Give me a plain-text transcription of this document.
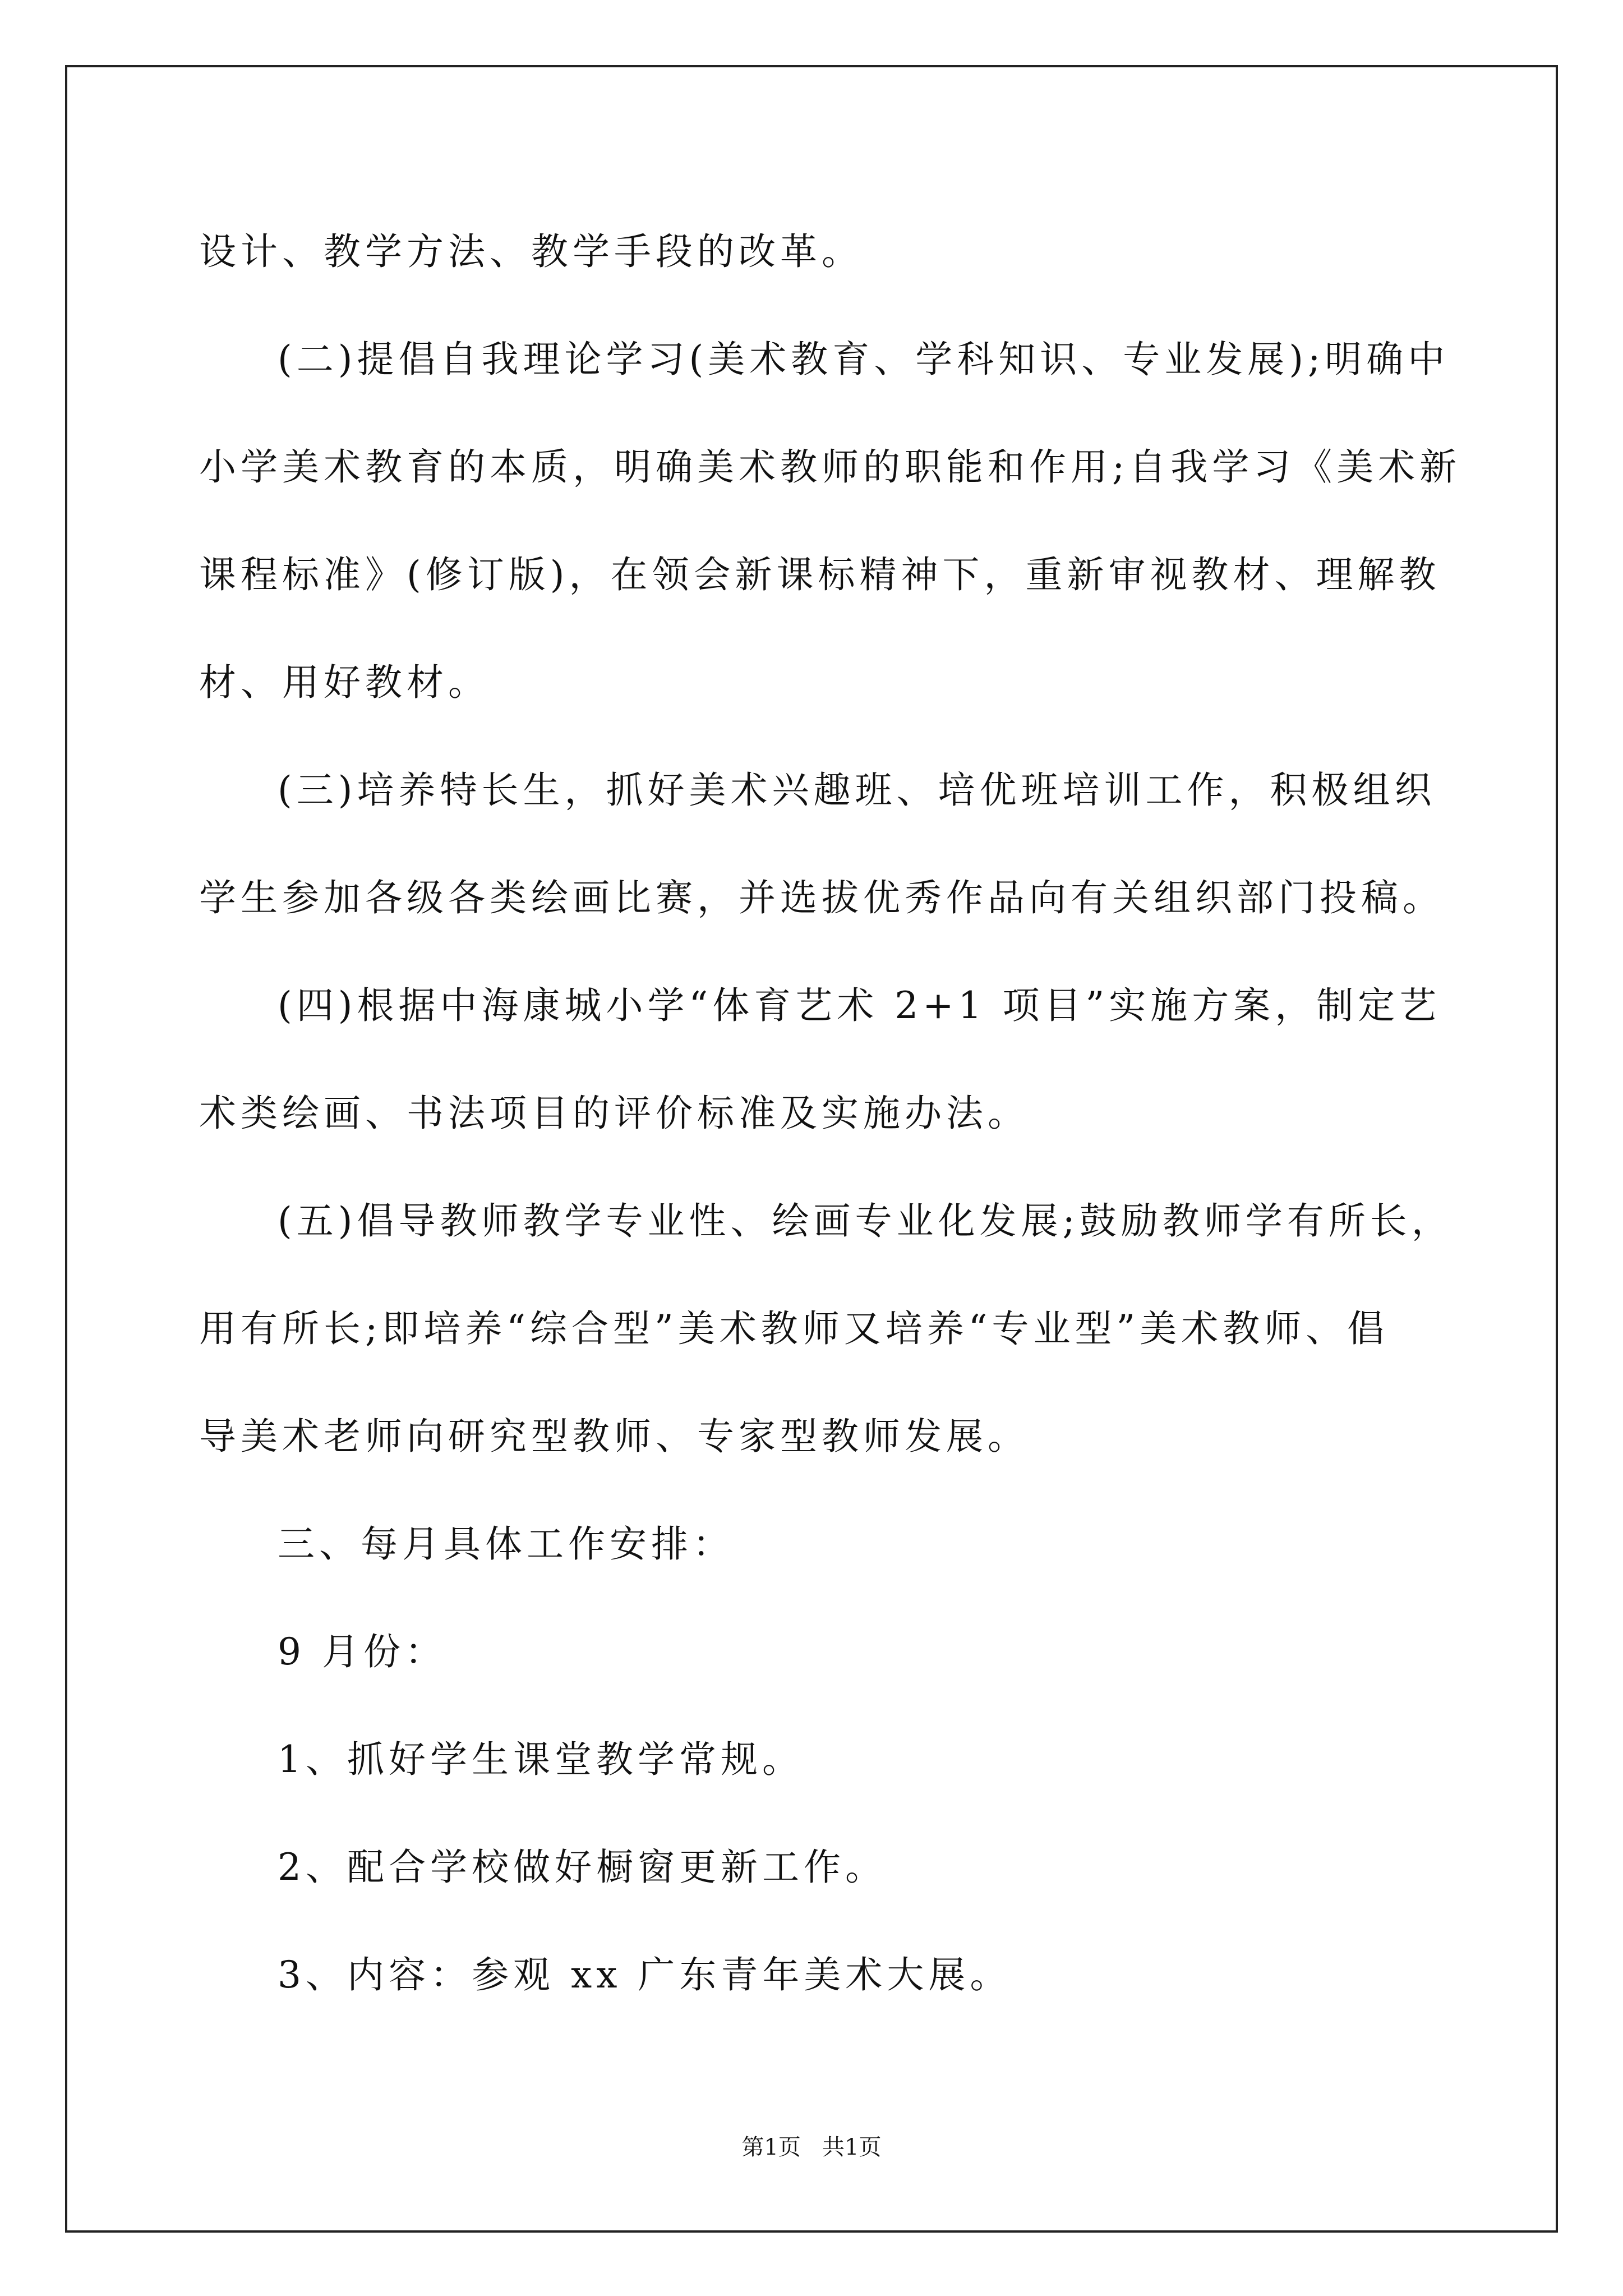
设计、教学方法、教学手段的改革。
(二)提倡自我理论学习(美术教育、学科知识、专业发展);明确中
小学美术教育的本质，明确美术教师的职能和作用;自我学习《美术新
课程标准》(修订版)，在领会新课标精神下，重新审视教材、理解教
材、用好教材。
(三)培养特长生，抓好美术兴趣班、培优班培训工作，积极组织
学生参加各级各类绘画比赛，并选拔优秀作品向有关组织部门投稿。
(四)根据中海康城小学“体育艺术 2+1 项目”实施方案，制定艺
术类绘画、书法项目的评价标准及实施办法。
(五)倡导教师教学专业性、绘画专业化发展;鼓励教师学有所长，
用有所长;即培养“综合型”美术教师又培养“专业型”美术教师、倡
导美术老师向研究型教师、专家型教师发展。
三、每月具体工作安排：
9 月份：
1、抓好学生课堂教学常规。
2、配合学校做好橱窗更新工作。
3、内容：参观 xx 广东青年美术大展。
第1页   共1页
